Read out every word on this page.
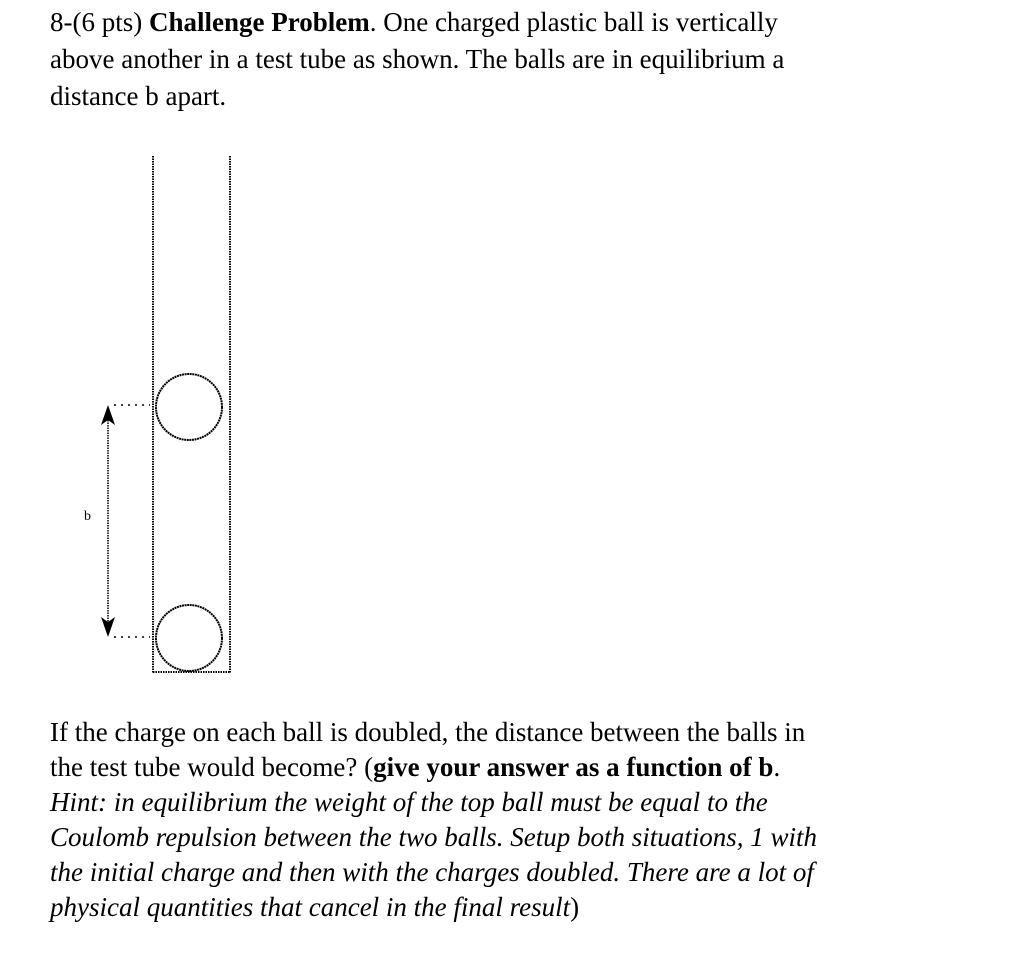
8-(6 pts) Challenge Problem. One charged plastic ball is vertically
above another in a test tube as shown. The balls are in equilibrium a
distance b apart.
b
If the charge on each ball is doubled, the distance between the balls in
the test tube would become? (give your answer as a function of b.
Hint: in equilibrium the weight of the top ball must be equal to the
Coulomb repulsion between the two balls. Setup both situations, 1 with
the initial charge and then with the charges doubled. There are a lot of
physical quantities that cancel in the final result)
